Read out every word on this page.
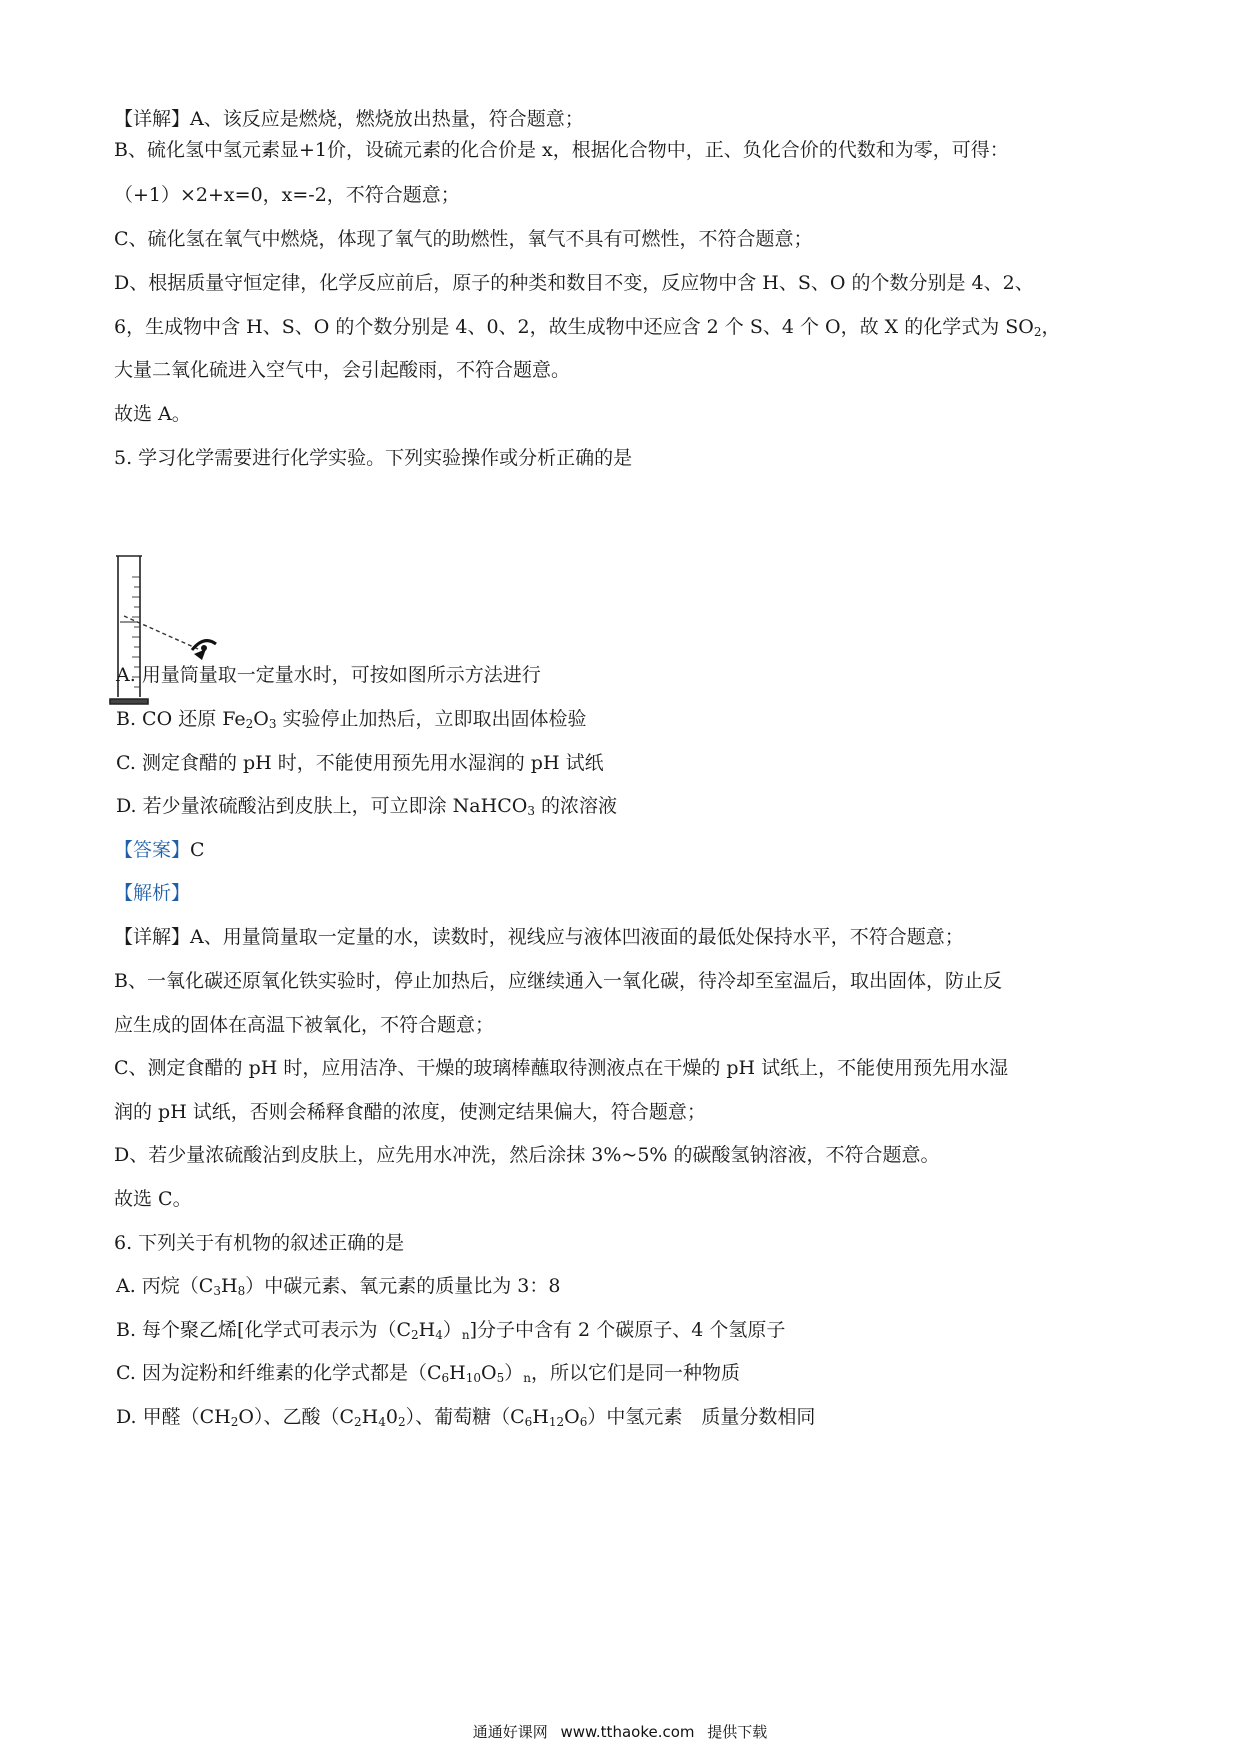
【详解】A、该反应是燃烧，燃烧放出热量，符合题意；
B、硫化氢中氢元素显+1价，设硫元素的化合价是 x，根据化合物中，正、负化合价的代数和为零，可得：
（+1）×2+x=0，x=-2，不符合题意；
C、硫化氢在氧气中燃烧，体现了氧气的助燃性，氧气不具有可燃性，不符合题意；
D、根据质量守恒定律，化学反应前后，原子的种类和数目不变，反应物中含 H、S、O 的个数分别是 4、2、
6，生成物中含 H、S、O 的个数分别是 4、0、2，故生成物中还应含 2 个 S、4 个 O，故 X 的化学式为 $SO_2$，
大量二氧化硫进入空气中，会引起酸雨，不符合题意。
故选 A。
5. 学习化学需要进行化学实验。下列实验操作或分析正确的是
A. 用量筒量取一定量水时，可按如图所示方法进行
B. CO 还原 $Fe_2O_3$ 实验停止加热后，立即取出固体检验
C. 测定食醋的 pH 时，不能使用预先用水湿润的 pH 试纸
D. 若少量浓硫酸沾到皮肤上，可立即涂 NaHCO$_3$ 的浓溶液
【答案】C
【解析】
【详解】A、用量筒量取一定量的水，读数时，视线应与液体凹液面的最低处保持水平，不符合题意；
B、一氧化碳还原氧化铁实验时，停止加热后，应继续通入一氧化碳，待冷却至室温后，取出固体，防止反
应生成的固体在高温下被氧化，不符合题意；
C、测定食醋的 pH 时，应用洁净、干燥的玻璃棒蘸取待测液点在干燥的 pH 试纸上，不能使用预先用水湿
润的 pH 试纸，否则会稀释食醋的浓度，使测定结果偏大，符合题意；
D、若少量浓硫酸沾到皮肤上，应先用水冲洗，然后涂抹 3%~5% 的碳酸氢钠溶液，不符合题意。
故选 C。
6. 下列关于有机物的叙述正确的是
A. 丙烷$(C_3H_8)$中碳元素、氧元素的质量比为 3：8
B. 每个聚乙烯[化学式可表示为$(C_2H_4)_n$]分子中含有 2 个碳原子、4 个氢原子
C. 因为淀粉和纤维素的化学式都是$(C_6H_{10}O_5)_n$，所以它们是同一种物质
D. 甲醛$(CH_2O)$、乙酸$(C_2H_40_2)$、葡萄糖$(C_6H_{12}O_6)$中氢元素　质量分数相同
通通好课网 www.tthaoke.com 提供下载
